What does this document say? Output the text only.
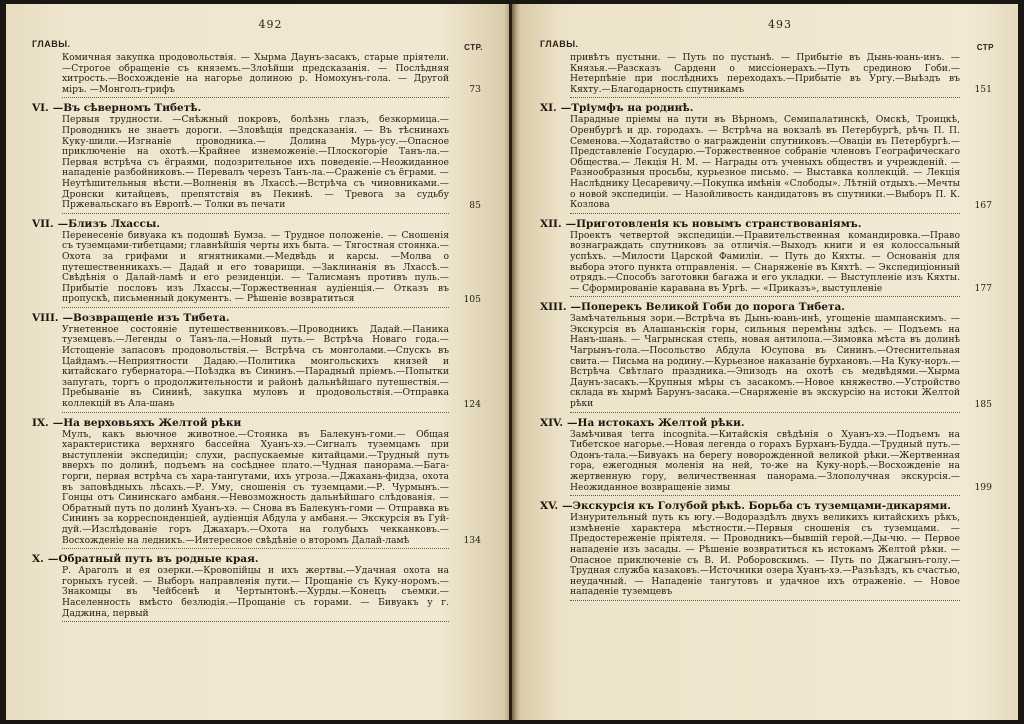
492
ГЛАВЫ.	СТР.
Комичная закупка продовольствія. — Хырма Даунъ-засакъ, старые пріятели. —Строгое обращеніе съ княземъ.—Злоѣйши предсказанія. — Послѣдняя хитрость.—Восхожденіе на нагорье долиною р. Номохунъ-гола. — Другой міръ. —Монголъ-грифъ	73
VI. —Въ сѣверномъ Тибетѣ.
Первыя трудности. —Снѣжный покровъ, болѣзнь глазъ, безкормица.—Проводникъ не знаетъ дороги. —Зловѣщія предсказанія. — Въ тѣснинахъ Куку-шили.—Изгнаніе проводника.— Долина Мурь-усу.—Опасное приключеніе на охотѣ.—Крайнее изнеможеніе.—Плоскогоріе Танъ-ла.—Первая встрѣча съ ёграями, подозрительное ихъ поведеніе.—Неожиданное нападеніе разбойниковъ.— Перевалъ черезъ Танъ-ла.—Сраженіе съ ёграми. —Неутѣшительныя вѣсти.—Волненія въ Лхассѣ.—Встрѣча съ чиновниками.—Дрoнски китайцевъ, препятствія въ Пекинѣ. — Тревога за судьбу Пржевальскаго въ Европѣ.— Толки въ печати	85
VII. —Близъ Лхассы.
Перенесеніе бивуака къ подошвѣ Бумза. — Трудное положеніе. — Сношенія съ туземцами-тибетцами; главнѣйшія черты ихъ быта. — Тягостная стоянка.—Охота за грифами и ягнятниками.—Медвѣдь и карсы. —Молва о путешественникахъ.— Дадай и его товарищи. —Заклинанія въ Лхассѣ.—Свѣдѣнія о Далай-ламѣ и его резиденціи. — Талисманъ противъ пуль.— Прибытіе пословъ изъ Лхассы.—Торжественная аудіенція.— Отказъ въ пропускѣ, письменный документъ. — Рѣшеніе возвратиться	105
VIII. —Возвращеніе изъ Тибета.
Угнетенное состояніе путешественниковъ.—Проводникъ Дадай.—Паника туземцевъ.—Легенды о Танъ-ла.—Новый путь.— Встрѣча Новаго года.—Истощеніе запасовъ продовольствія.— Встрѣча съ монголами.—Спускъ въ Цайдамъ.—Неприятности Дадаю.—Политика монгольскихъ князей и китайскаго губернатора.—Поѣздка въ Сининъ.—Парадный пріемъ.—Попытки запугать, торгъ о продолжительности и районѣ дальнѣйшаго путешествія.—Пребываніе въ Сининѣ, закупка муловъ и продовольствія.—Отправка коллекцій въ Ала-шань	124
IX. —На верховьяхъ Желтой рѣки
Мулъ, какъ вьючное животное.—Стоянка въ Балекунъ-гоми.— Общая характеристика верхняго бассейна Хуанъ-хэ.—Сигналъ туземцамъ при выступленіи экспедиціи; слухи, распускаемые китайцами.—Трудный путь вверхъ по долинѣ, подъемъ на сосѣднее плато.—Чудная панорама.—Бага-горги, первая встрѣча съ хара-тангутами, ихъ угроза.—Джахань-фидза, охота въ заповѣдныхъ лѣсахъ.—Р. Уму, сношенія съ туземцами.—Р. Чурмынъ.—Гонцы отъ Сининскаго амбаня.—Невозможность дальнѣйшаго слѣдованія. — Обратный путь по долинѣ Хуанъ-хэ. — Снова въ Балекунъ-гоми — Отправка въ Сининъ за корреспонденціей, аудіенція Абдула у амбаня.— Экскурсія въ Гуй-дуй.—Изслѣдованіе горъ Джахаръ.—Охота на голубыхъ чекканковъ.—Восхожденіе на ледникъ.—Интересное свѣдѣніе о второмъ Далай-ламѣ	134
X. —Обратный путь въ родные края.
Р. Араголъ и ея озерки.—Кровопійцы и ихъ жертвы.—Удачная охота на горныхъ гусей. — Выборъ направленія пути.— Прощаніе съ Куку-норомъ.—Знакомцы въ Чейбсенѣ и Чертынтонѣ.—Хурды.—Конецъ съемки.—Населенность вмѣсто безлюдія.—Прощаніе съ горами. — Бивуакъ у г. Даджина, первый
493
ГЛАВЫ.	СТР
привѣтъ пустыни. — Путь по пустынѣ. — Прибытіе въ Дынь-юань-инъ. —Князья.—Разсказъ Сардени о миссіонерахъ.—Путь срединою Гоби.—Нетерпѣніе при послѣднихъ переходахъ.—Прибытіе въ Ургу.—Выѣздъ въ Кяхту.—Благодарность спутникамъ	151
XI. —Тріумфъ на родинѣ.
Парадные пріемы на пути въ Вѣрномъ, Семипалатинскѣ, Омскѣ, Троицкѣ, Оренбургѣ и др. городахъ. — Встрѣча на вокзалѣ въ Петербургѣ, рѣчь П. П. Семенова.—Ходатайство о награжденіи спутниковъ.—Оваціи въ Петербургѣ.—Представленіе Государю.—Торжественное собраніе членовъ Географическаго Общества.— Лекція Н. М. — Награды отъ ученыхъ обществъ и учрежденій. — Разнообразныя просьбы, курьезное письмо. — Выставка коллекцій. — Лекція Наслѣднику Цесаревичу.—Покупка имѣнія «Слободы». Лѣтній отдыхъ.—Мечты о новой экспедиціи. — Назойливость кандидатовъ въ спутники.—Выборъ П. К. Козлова	167
XII. —Приготовленія къ новымъ странствованіямъ.
Проектъ четвертой экспедиціи.—Правительственная командировка.—Право вознаграждать спутниковъ за отличія.—Выходъ книги и ея колоссальный успѣхъ. —Милости Царской Фамиліи. — Путь до Кяхты. — Основанія для выбора этого пункта отправленія. — Снаряженіе въ Кяхтѣ. — Экспедиціонный отрядъ.—Способъ заготовки багажа и его укладки. — Выступленіе изъ Кяхты. — Сформированіе каравана въ Ургѣ. — «Приказъ», выступленіе	177
XIII. —Поперекъ Великой Гоби до порога Тибета.
Замѣчательныя зори.—Встрѣча въ Дынь-юань-инѣ, угощеніе шампанскимъ. — Экскурсія въ Алашаньскія горы, сильныя перемѣны здѣсь. — Подъемъ на Нанъ-шань. — Чагрынская степь, новая антилопа.—Зимовка мѣста въ долинѣ Чагрынъ-гола.—Посольство Абдула Юсупова въ Сининъ.—Отеснительная свита.— Письма на родину.—Курьезное наказаніе бурхановъ.—На Куку-норъ.—Встрѣча Свѣтлаго праздника.—Эпизодъ на охотѣ съ медвѣдями.—Хырма Даунъ-засакъ.—Крупныя мѣры съ засакомъ.—Новое княжество.—Устройство склада въ хырмѣ Барунъ-засака.—Снаряженіе въ экскурсію на истоки Желтой рѣки	185
XIV. —На истокахъ Желтой рѣки.
Замѣчивая terra incognita.—Китайскія свѣдѣнія о Хуанъ-хэ.—Подъемъ на Тибетское нагорье.—Новая легенда о горахъ Бурханъ-Будда.—Трудный путь.—Одонъ-тала.—Бивуакъ на берегу новорожденной великой рѣки.—Жертвенная гора, ежегодныя моленія на ней, то-же на Куку-норѣ.—Восхожденіе на жертвенную гору, величественная панорама.—Злополучная экскурсія.—Неожиданное возвращеніе зимы	199
XV. —Экскурсія къ Голубой рѣкѣ. Борьба съ туземцами-дикарями.
Изнурительный путь къ югу.—Водораздѣлъ двухъ великихъ китайскихъ рѣкъ, измѣненіе характера мѣстности.—Первыя сношенія съ туземцами. — Предостереженіе пріятеля. — Проводникъ—бывшій герой.—Ды-чю. — Первое нападеніе изъ засады. — Рѣшеніе возвратиться къ истокамъ Желтой рѣки. — Опасное приключеніе съ В. И. Роборовскимъ. — Путь по Джагынъ-голу.—Трудная служба казаковъ.—Источники озера Хуанъ-хэ.—Разъѣздъ, къ счастью, неудачный. — Нападеніе тангутовъ и удачное ихъ отраженіе. — Новое нападеніе туземцевъ
